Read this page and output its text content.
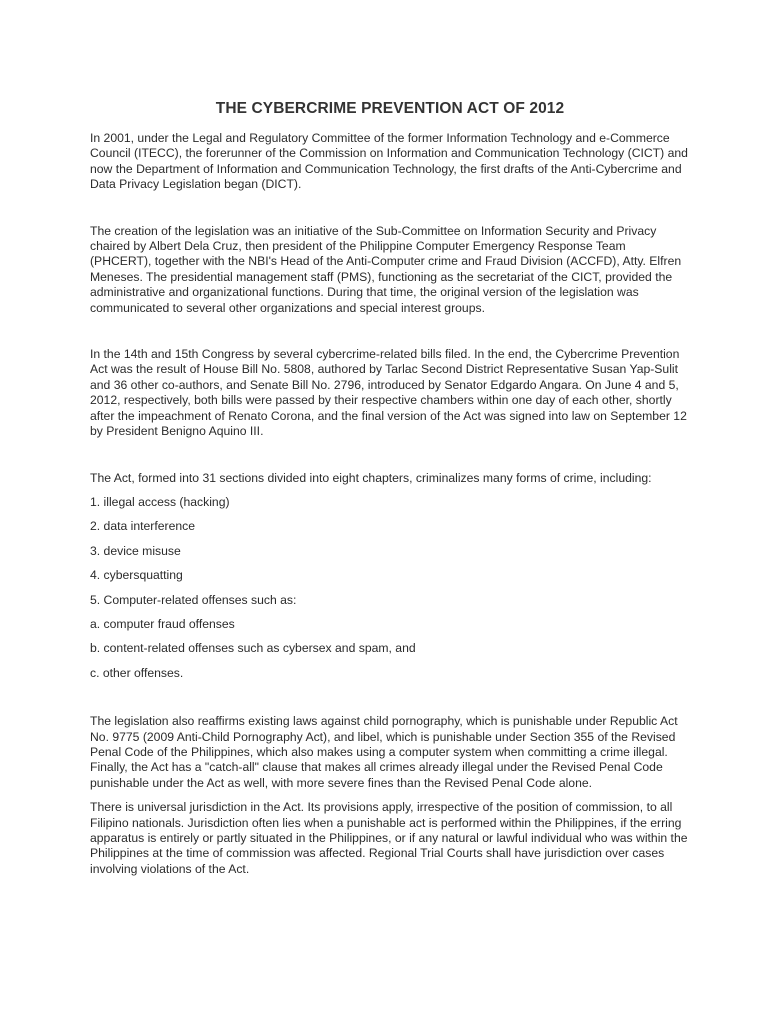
THE CYBERCRIME PREVENTION ACT OF 2012

In 2001, under the Legal and Regulatory Committee of the former Information Technology and e-Commerce Council (ITECC), the forerunner of the Commission on Information and Communication Technology (CICT) and now the Department of Information and Communication Technology, the first drafts of the Anti-Cybercrime and Data Privacy Legislation began (DICT).

The creation of the legislation was an initiative of the Sub-Committee on Information Security and Privacy chaired by Albert Dela Cruz, then president of the Philippine Computer Emergency Response Team (PHCERT), together with the NBI's Head of the Anti-Computer crime and Fraud Division (ACCFD), Atty. Elfren Meneses. The presidential management staff (PMS), functioning as the secretariat of the CICT, provided the administrative and organizational functions. During that time, the original version of the legislation was communicated to several other organizations and special interest groups.

In the 14th and 15th Congress by several cybercrime-related bills filed. In the end, the Cybercrime Prevention Act was the result of House Bill No. 5808, authored by Tarlac Second District Representative Susan Yap-Sulit and 36 other co-authors, and Senate Bill No. 2796, introduced by Senator Edgardo Angara. On June 4 and 5, 2012, respectively, both bills were passed by their respective chambers within one day of each other, shortly after the impeachment of Renato Corona, and the final version of the Act was signed into law on September 12 by President Benigno Aquino III.

The Act, formed into 31 sections divided into eight chapters, criminalizes many forms of crime, including:

1. illegal access (hacking)

2. data interference

3. device misuse

4. cybersquatting

5. Computer-related offenses such as:

a. computer fraud offenses

b. content-related offenses such as cybersex and spam, and

c. other offenses.

The legislation also reaffirms existing laws against child pornography, which is punishable under Republic Act No. 9775 (2009 Anti-Child Pornography Act), and libel, which is punishable under Section 355 of the Revised Penal Code of the Philippines, which also makes using a computer system when committing a crime illegal. Finally, the Act has a "catch-all" clause that makes all crimes already illegal under the Revised Penal Code punishable under the Act as well, with more severe fines than the Revised Penal Code alone.

There is universal jurisdiction in the Act. Its provisions apply, irrespective of the position of commission, to all Filipino nationals. Jurisdiction often lies when a punishable act is performed within the Philippines, if the erring apparatus is entirely or partly situated in the Philippines, or if any natural or lawful individual who was within the Philippines at the time of commission was affected. Regional Trial Courts shall have jurisdiction over cases involving violations of the Act.
